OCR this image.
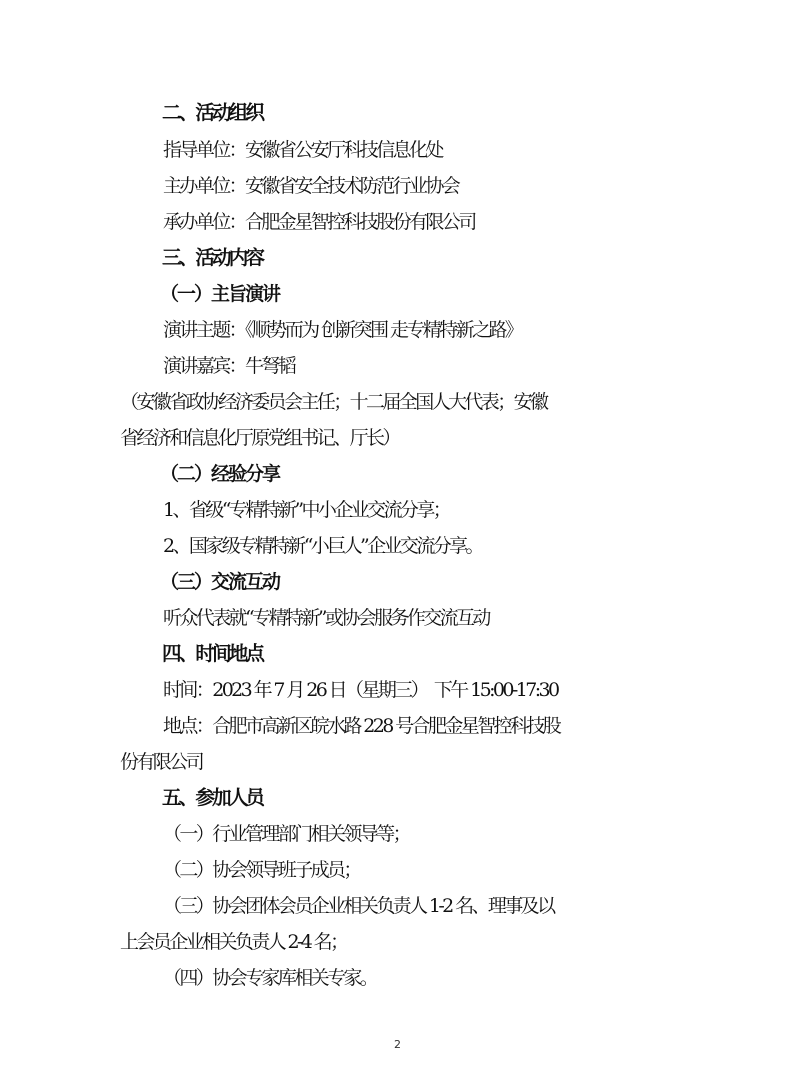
二、活动组织
指导单位：安徽省公安厅科技信息化处
主办单位：安徽省安全技术防范行业协会
承办单位：合肥金星智控科技股份有限公司
三、活动内容
（一）主旨演讲
演讲主题：《顺势而为 创新突围 走专精特新之路》
演讲嘉宾：牛弩韬
（安徽省政协经济委员会主任；十二届全国人大代表；安徽
省经济和信息化厅原党组书记、厅长）
（二）经验分享
1、省级“专精特新”中小企业交流分享；
2、国家级专精特新“小巨人”企业交流分享。
（三）交流互动
听众代表就“专精特新”或协会服务作交流互动
四、时间地点
时间：2023 年 7 月 26 日（星期三）  下午 15:00-17:30
地点：合肥市高新区皖水路 228 号合肥金星智控科技股
份有限公司
五、参加人员
（一）行业管理部门相关领导等；
（二）协会领导班子成员；
（三）协会团体会员企业相关负责人 1-2 名、理事及以
上会员企业相关负责人 2-4 名；
（四）协会专家库相关专家。
2
